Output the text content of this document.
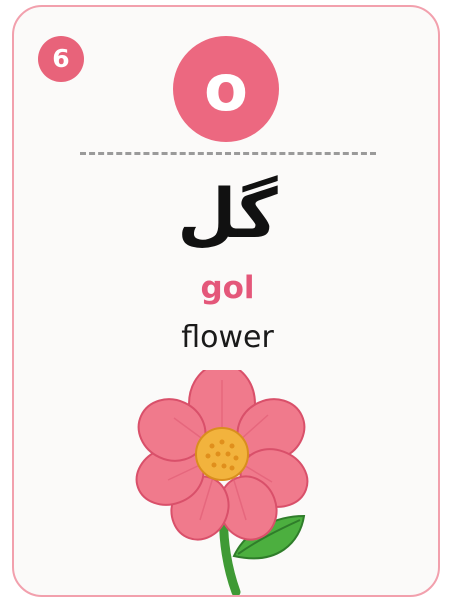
6	o
گل
gol
flower
